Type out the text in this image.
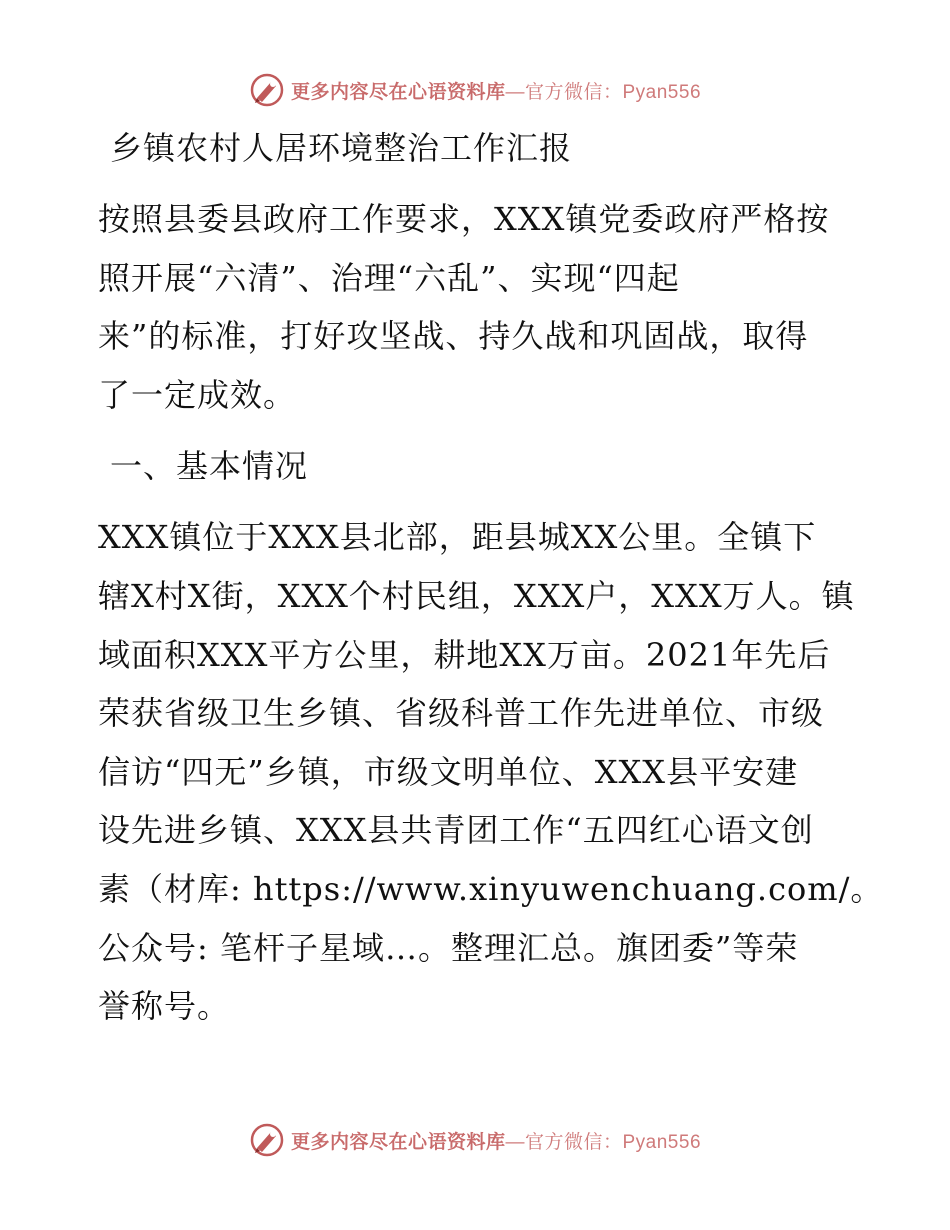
更多内容尽在心语资料库—官方微信：Pyan556
乡镇农村人居环境整治工作汇报

按照县委县政府工作要求，XXX镇党委政府严格按
照开展“六清”、治理“六乱”、实现“四起
来”的标准，打好攻坚战、持久战和巩固战，取得
了一定成效。

一、基本情况

XXX镇位于XXX县北部，距县城XX公里。全镇下
辖X村X街，XXX个村民组，XXX户，XXX万人。镇
域面积XXX平方公里，耕地XX万亩。2021年先后
荣获省级卫生乡镇、省级科普工作先进单位、市级
信访“四无”乡镇，市级文明单位、XXX县平安建
设先进乡镇、XXX县共青团工作“五四红心语文创
素（材库: https://www.xinyuwenchuang.com/。
公众号: 笔杆子星域…。整理汇总。旗团委”等荣
誉称号。

更多内容尽在心语资料库—官方微信：Pyan556
